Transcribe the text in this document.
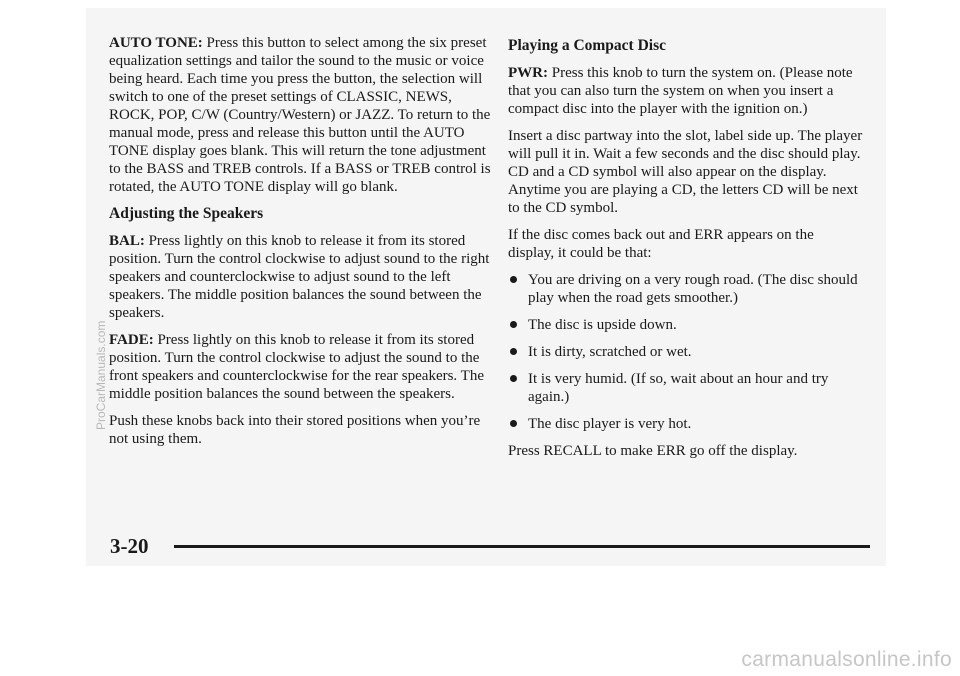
AUTO TONE: Press this button to select among the six preset equalization settings and tailor the sound to the music or voice being heard. Each time you press the button, the selection will switch to one of the preset settings of CLASSIC, NEWS, ROCK, POP, C/W (Country/Western) or JAZZ. To return to the manual mode, press and release this button until the AUTO TONE display goes blank. This will return the tone adjustment to the BASS and TREB controls. If a BASS or TREB control is rotated, the AUTO TONE display will go blank.

Adjusting the Speakers

BAL: Press lightly on this knob to release it from its stored position. Turn the control clockwise to adjust sound to the right speakers and counterclockwise to adjust sound to the left speakers. The middle position balances the sound between the speakers.

FADE: Press lightly on this knob to release it from its stored position. Turn the control clockwise to adjust the sound to the front speakers and counterclockwise for the rear speakers. The middle position balances the sound between the speakers.

Push these knobs back into their stored positions when you’re not using them.

Playing a Compact Disc

PWR: Press this knob to turn the system on. (Please note that you can also turn the system on when you insert a compact disc into the player with the ignition on.)

Insert a disc partway into the slot, label side up. The player will pull it in. Wait a few seconds and the disc should play. CD and a CD symbol will also appear on the display. Anytime you are playing a CD, the letters CD will be next to the CD symbol.

If the disc comes back out and ERR appears on the display, it could be that:

You are driving on a very rough road. (The disc should play when the road gets smoother.)
The disc is upside down.
It is dirty, scratched or wet.
It is very humid. (If so, wait about an hour and try again.)
The disc player is very hot.

Press RECALL to make ERR go off the display.

3-20
ProCarManuals.com
carmanualsonline.info
